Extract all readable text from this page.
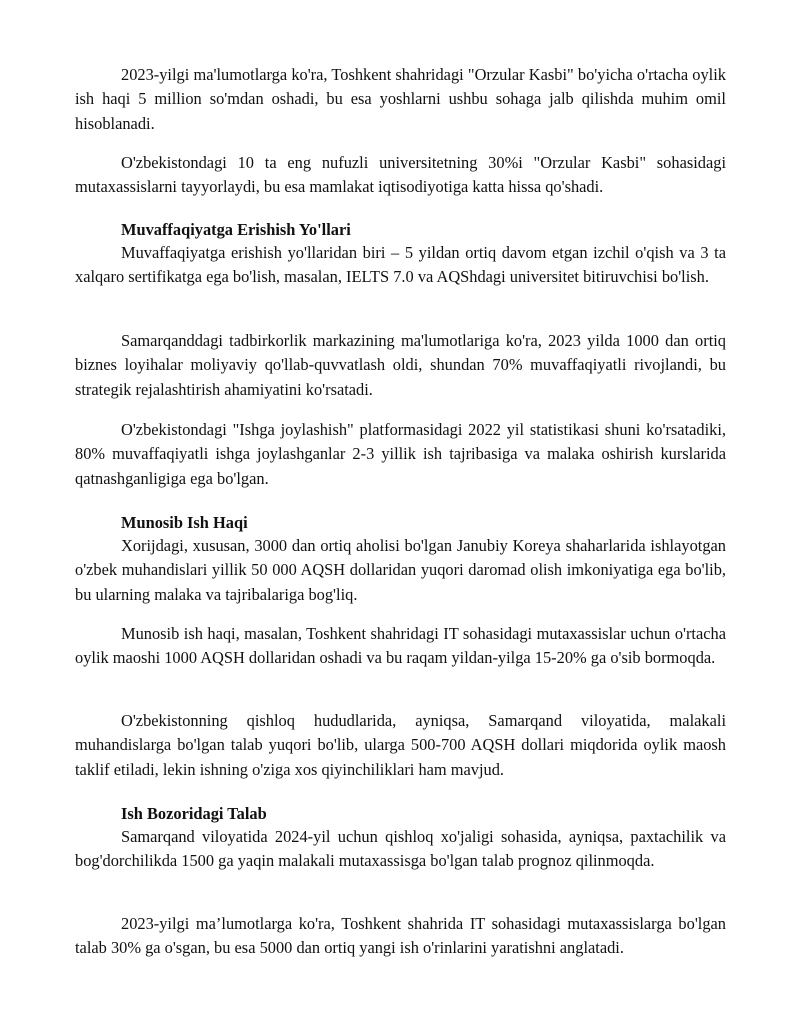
2023-yilgi ma'lumotlarga ko'ra, Toshkent shahridagi "Orzular Kasbi" bo'yicha o'rtacha oylik ish haqi 5 million so'mdan oshadi, bu esa yoshlarni ushbu sohaga jalb qilishda muhim omil hisoblanadi.

O'zbekistondagi 10 ta eng nufuzli universitetning 30%i "Orzular Kasbi" sohasidagi mutaxassislarni tayyorlaydi, bu esa mamlakat iqtisodiyotiga katta hissa qo'shadi.

Muvaffaqiyatga Erishish Yo'llari

Muvaffaqiyatga erishish yo'llaridan biri – 5 yildan ortiq davom etgan izchil o'qish va 3 ta xalqaro sertifikatga ega bo'lish, masalan, IELTS 7.0 va AQShdagi universitet bitiruvchisi bo'lish.

Samarqanddagi tadbirkorlik markazining ma'lumotlariga ko'ra, 2023 yilda 1000 dan ortiq biznes loyihalar moliyaviy qo'llab-quvvatlash oldi, shundan 70% muvaffaqiyatli rivojlandi, bu strategik rejalashtirish ahamiyatini ko'rsatadi.

O'zbekistondagi "Ishga joylashish" platformasidagi 2022 yil statistikasi shuni ko'rsatadiki, 80% muvaffaqiyatli ishga joylashganlar 2-3 yillik ish tajribasiga va malaka oshirish kurslarida qatnashganligiga ega bo'lgan.

Munosib Ish Haqi

Xorijdagi, xususan, 3000 dan ortiq aholisi bo'lgan Janubiy Koreya shaharlarida ishlayotgan o'zbek muhandislari yillik 50 000 AQSH dollaridan yuqori daromad olish imkoniyatiga ega bo'lib, bu ularning malaka va tajribalariga bog'liq.

Munosib ish haqi, masalan, Toshkent shahridagi IT sohasidagi mutaxassislar uchun o'rtacha oylik maoshi 1000 AQSH dollaridan oshadi va bu raqam yildan-yilga 15-20% ga o'sib bormoqda.

O'zbekistonning qishloq hududlarida, ayniqsa, Samarqand viloyatida, malakali muhandislarga bo'lgan talab yuqori bo'lib, ularga 500-700 AQSH dollari miqdorida oylik maosh taklif etiladi, lekin ishning o'ziga xos qiyinchiliklari ham mavjud.

Ish Bozoridagi Talab

Samarqand viloyatida 2024-yil uchun qishloq xo'jaligi sohasida, ayniqsa, paxtachilik va bog'dorchilikda 1500 ga yaqin malakali mutaxassisga bo'lgan talab prognoz qilinmoqda.

2023-yilgi ma’lumotlarga ko'ra, Toshkent shahrida IT sohasidagi mutaxassislarga bo'lgan talab 30% ga o'sgan, bu esa 5000 dan ortiq yangi ish o'rinlarini yaratishni anglatadi.
